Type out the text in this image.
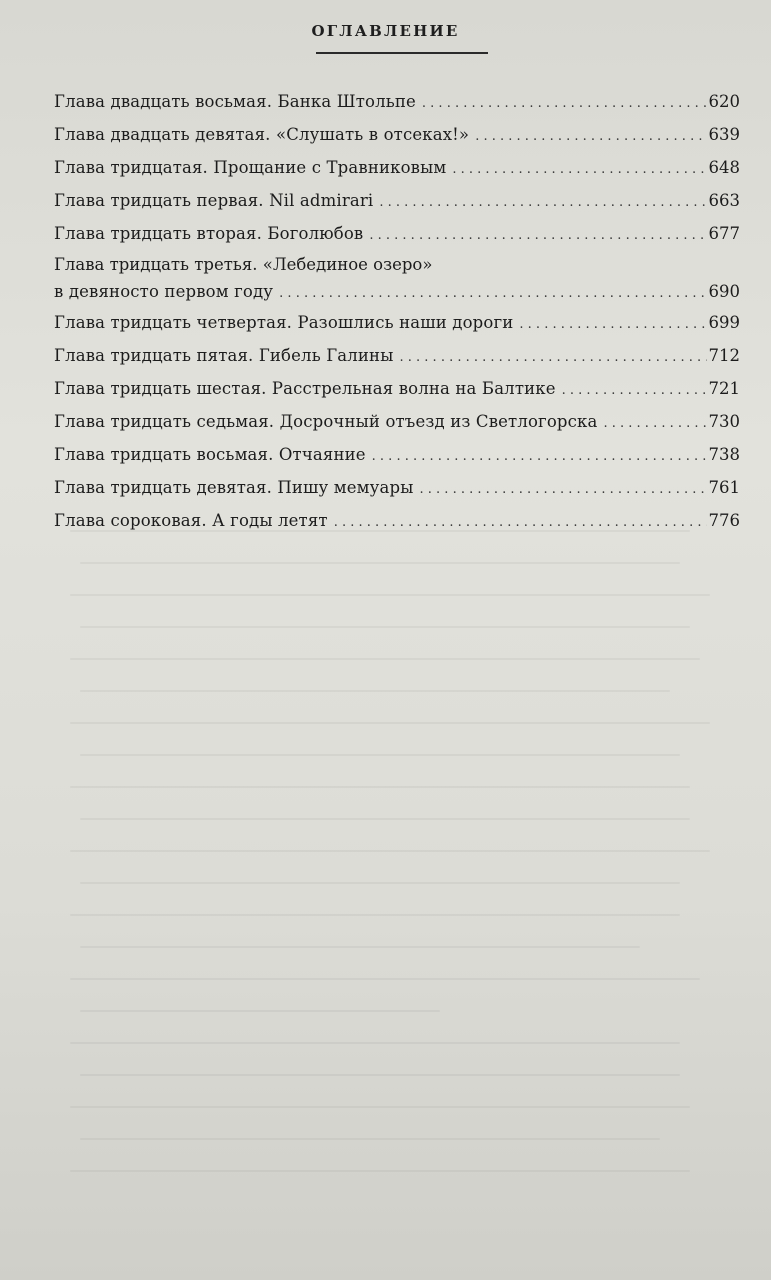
ОГЛАВЛЕНИЕ
Глава двадцать восьмая. Банка Штольпе . . .	620
Глава двадцать девятая. «Слушать в отсеках!» . . .	639
Глава тридцатая. Прощание с Травниковым . . .	648
Глава тридцать первая. Nil admirari . . .	663
Глава тридцать вторая. Боголюбов . . .	677
Глава тридцать третья. «Лебединое озеро»
в девяносто первом году . . .	690
Глава тридцать четвертая. Разошлись наши дороги . . .	699
Глава тридцать пятая. Гибель Галины . . .	712
Глава тридцать шестая. Расстрельная волна на Балтике . . .	721
Глава тридцать седьмая. Досрочный отъезд из Светлогорска . . .	730
Глава тридцать восьмая. Отчаяние . . .	738
Глава тридцать девятая. Пишу мемуары . . .	761
Глава сороковая. А годы летят . . .	776
